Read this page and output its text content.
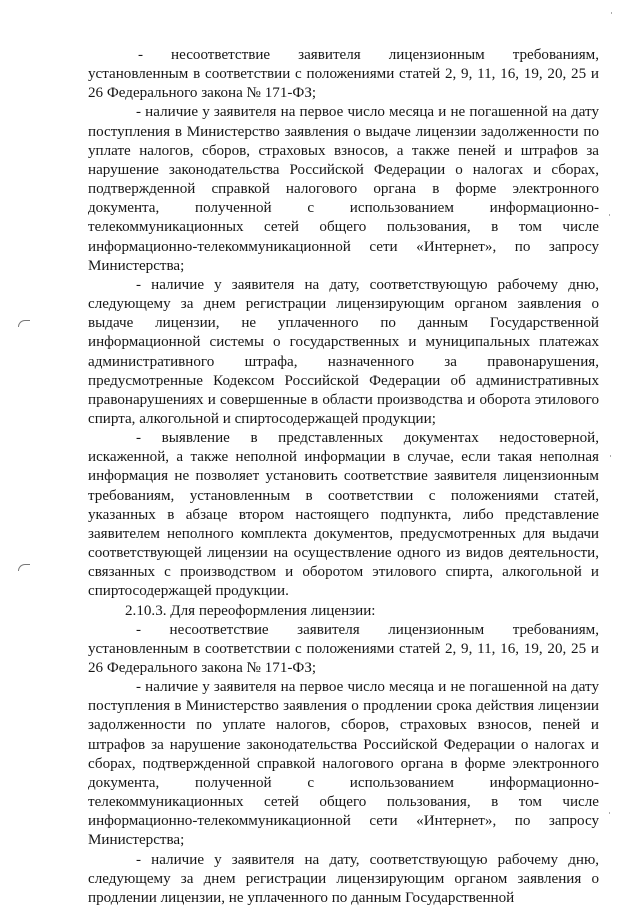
- несоответствие заявителя лицензионным требованиям, установленным в соответствии с положениями статей 2, 9, 11, 16, 19, 20, 25 и 26 Федерального закона № 171-ФЗ;

- наличие у заявителя на первое число месяца и не погашенной на дату поступления в Министерство заявления о выдаче лицензии задолженности по уплате налогов, сборов, страховых взносов, а также пеней и штрафов за нарушение законодательства Российской Федерации о налогах и сборах, подтвержденной справкой налогового органа в форме электронного документа, полученной с использованием информационно-телекоммуникационных сетей общего пользования, в том числе информационно-телекоммуникационной сети «Интернет», по запросу Министерства;

- наличие у заявителя на дату, соответствующую рабочему дню, следующему за днем регистрации лицензирующим органом заявления о выдаче лицензии, не уплаченного по данным Государственной информационной системы о государственных и муниципальных платежах административного штрафа, назначенного за правонарушения, предусмотренные Кодексом Российской Федерации об административных правонарушениях и совершенные в области производства и оборота этилового спирта, алкогольной и спиртосодержащей продукции;

- выявление в представленных документах недостоверной, искаженной, а также неполной информации в случае, если такая неполная информация не позволяет установить соответствие заявителя лицензионным требованиям, установленным в соответствии с положениями статей, указанных в абзаце втором настоящего подпункта, либо представление заявителем неполного комплекта документов, предусмотренных для выдачи соответствующей лицензии на осуществление одного из видов деятельности, связанных с производством и оборотом этилового спирта, алкогольной и спиртосодержащей продукции.

2.10.3. Для переоформления лицензии:

- несоответствие заявителя лицензионным требованиям, установленным в соответствии с положениями статей 2, 9, 11, 16, 19, 20, 25 и 26 Федерального закона № 171-ФЗ;

- наличие у заявителя на первое число месяца и не погашенной на дату поступления в Министерство заявления о продлении срока действия лицензии задолженности по уплате налогов, сборов, страховых взносов, пеней и штрафов за нарушение законодательства Российской Федерации о налогах и сборах, подтвержденной справкой налогового органа в форме электронного документа, полученной с использованием информационно-телекоммуникационных сетей общего пользования, в том числе информационно-телекоммуникационной сети «Интернет», по запросу Министерства;

- наличие у заявителя на дату, соответствующую рабочему дню, следующему за днем регистрации лицензирующим органом заявления о продлении лицензии, не уплаченного по данным Государственной
